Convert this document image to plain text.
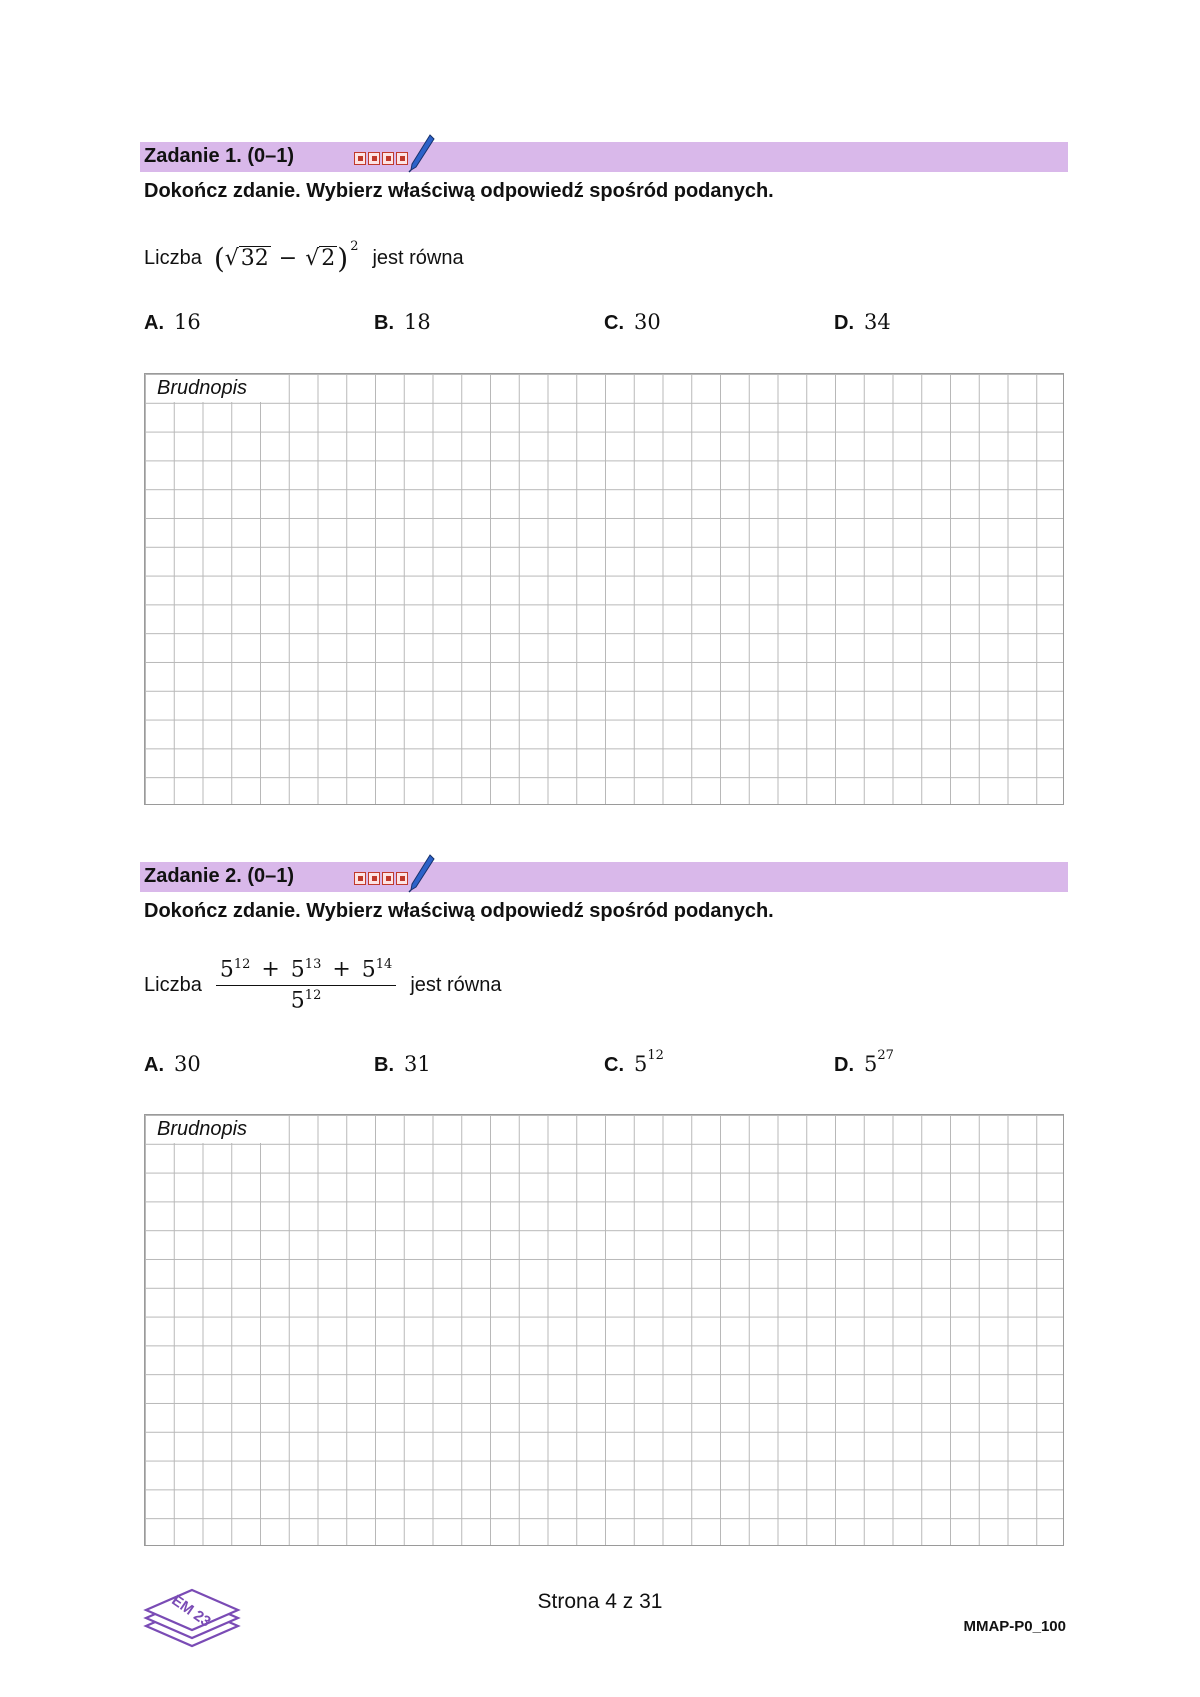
Zadanie 1. (0–1)
Dokończ zdanie. Wybierz właściwą odpowiedź spośród podanych.
Liczba ( √ 32 − √ 2 )$^2$
jest równa
A. 16	B. 18	C. 30	D. 34
Brudnopis
Zadanie 2. (0–1)
Dokończ zdanie. Wybierz właściwą odpowiedź spośród podanych.
Liczba $\frac{5^{12} + 5^{13} + 5^{14}}{5^{12}}$ jest równa
A. 30	B. 31	C. $5^{12}$	D. $5^{27}$
Brudnopis
EM 23	Strona 4 z 31
MMAP-P0_100
